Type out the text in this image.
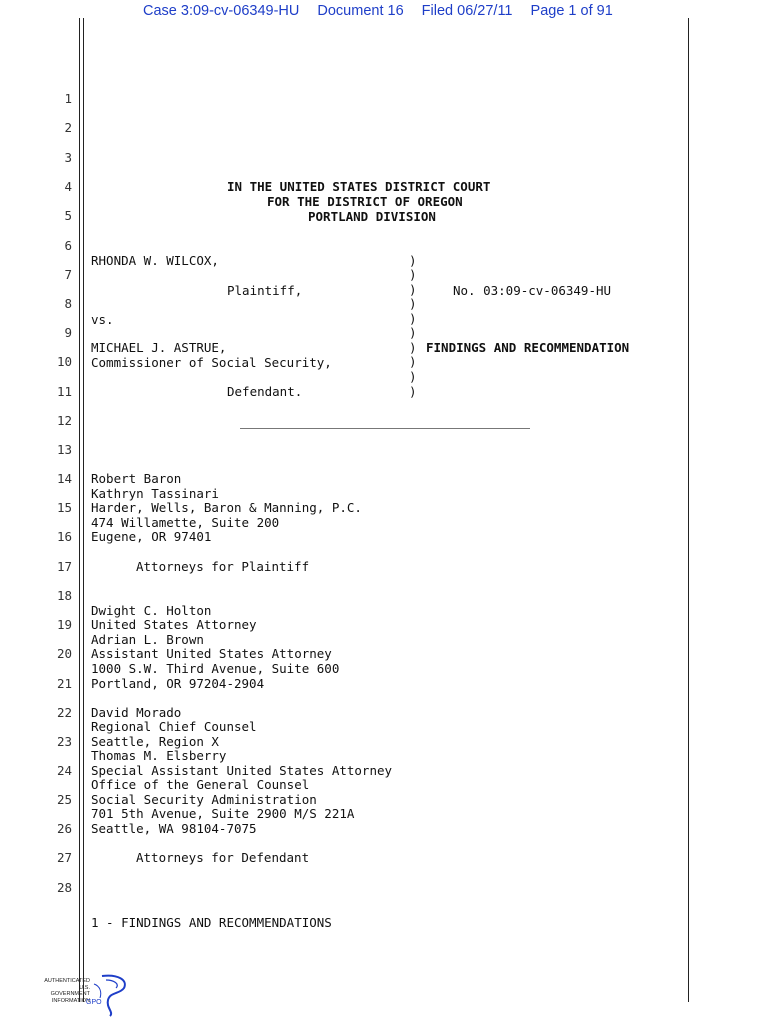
Case 3:09-cv-06349-HU Document 16 Filed 06/27/11 Page 1 of 91
1
2
3
4
5
6
7
8
9
10
11
12
13
14
15
16
17
18
19
20
21
22
23
24
25
26
27
28
IN THE UNITED STATES DISTRICT COURT
FOR THE DISTRICT OF OREGON
PORTLAND DIVISION
RHONDA W. WILCOX,
Plaintiff,	No. 03:09-cv-06349-HU
vs.
MICHAEL J. ASTRUE,	FINDINGS AND RECOMMENDATION
Commissioner of Social Security,
Defendant.
)
)
)
)
)
)
)
)
)
)
Robert Baron
Kathryn Tassinari
Harder, Wells, Baron & Manning, P.C.
474 Willamette, Suite 200
Eugene, OR 97401
Attorneys for Plaintiff
Dwight C. Holton
United States Attorney
Adrian L. Brown
Assistant United States Attorney
1000 S.W. Third Avenue, Suite 600
Portland, OR 97204-2904
David Morado
Regional Chief Counsel
Seattle, Region X
Thomas M. Elsberry
Special Assistant United States Attorney
Office of the General Counsel
Social Security Administration
701 5th Avenue, Suite 2900 M/S 221A
Seattle, WA 98104-7075
Attorneys for Defendant
1 - FINDINGS AND RECOMMENDATIONS
AUTHENTICATED U.S. GOVERNMENT INFORMATION
GPO
